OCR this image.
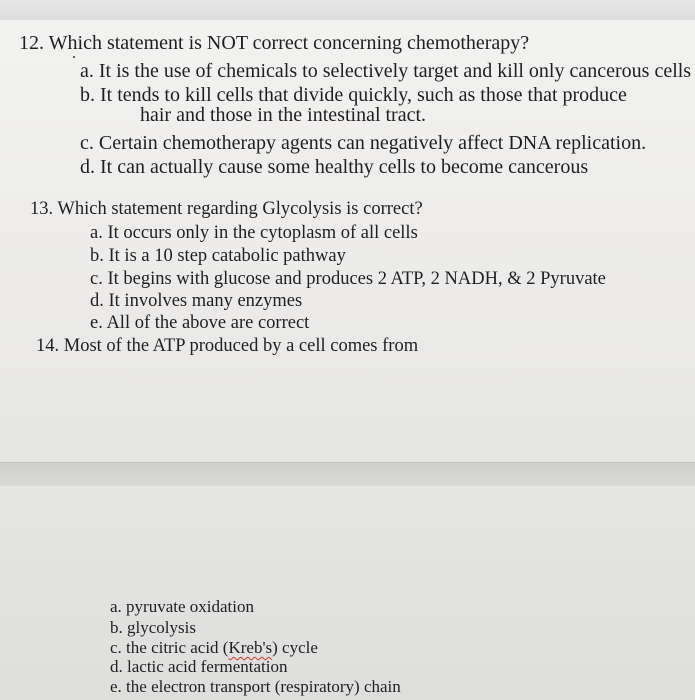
12. Which statement is NOT correct concerning chemotherapy?
a. It is the use of chemicals to selectively target and kill only cancerous cells
b. It tends to kill cells that divide quickly, such as those that produce
hair and those in the intestinal tract.
c. Certain chemotherapy agents can negatively affect DNA replication.
d. It can actually cause some healthy cells to become cancerous
13. Which statement regarding Glycolysis is correct?
a. It occurs only in the cytoplasm of all cells
b. It is a 10 step catabolic pathway
c. It begins with glucose and produces 2 ATP, 2 NADH, & 2 Pyruvate
d. It involves many enzymes
e. All of the above are correct
14. Most of the ATP produced by a cell comes from
a. pyruvate oxidation
b. glycolysis
c. the citric acid (Kreb's) cycle
d. lactic acid fermentation
e. the electron transport (respiratory) chain
